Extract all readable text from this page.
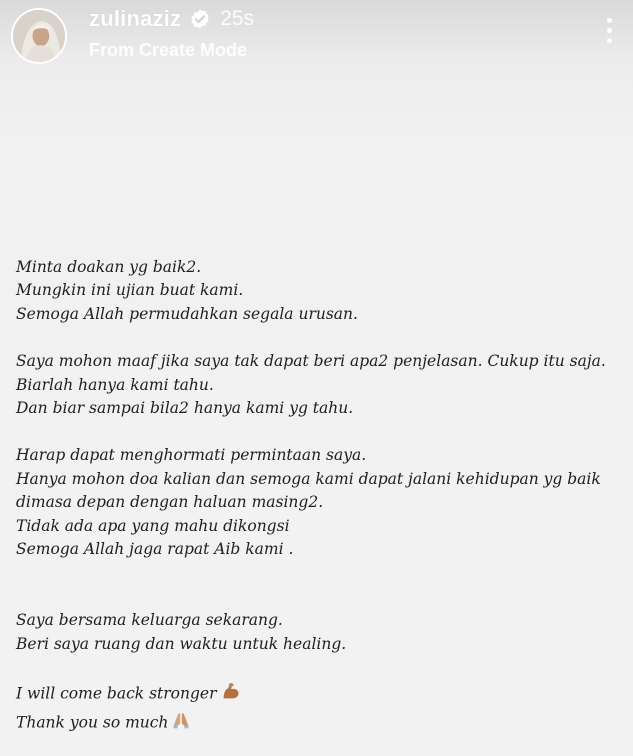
zulinaziz 25s
From Create Mode
Minta doakan yg baik2.
Mungkin ini ujian buat kami.
Semoga Allah permudahkan segala urusan.
Saya mohon maaf jika saya tak dapat beri apa2 penjelasan. Cukup itu saja.
Biarlah hanya kami tahu.
Dan biar sampai bila2 hanya kami yg tahu.
Harap dapat menghormati permintaan saya.
Hanya mohon doa kalian dan semoga kami dapat jalani kehidupan yg baik
dimasa depan dengan haluan masing2.
Tidak ada apa yang mahu dikongsi
Semoga Allah jaga rapat Aib kami .
Saya bersama keluarga sekarang.
Beri saya ruang dan waktu untuk healing.
I will come back stronger
Thank you so much
